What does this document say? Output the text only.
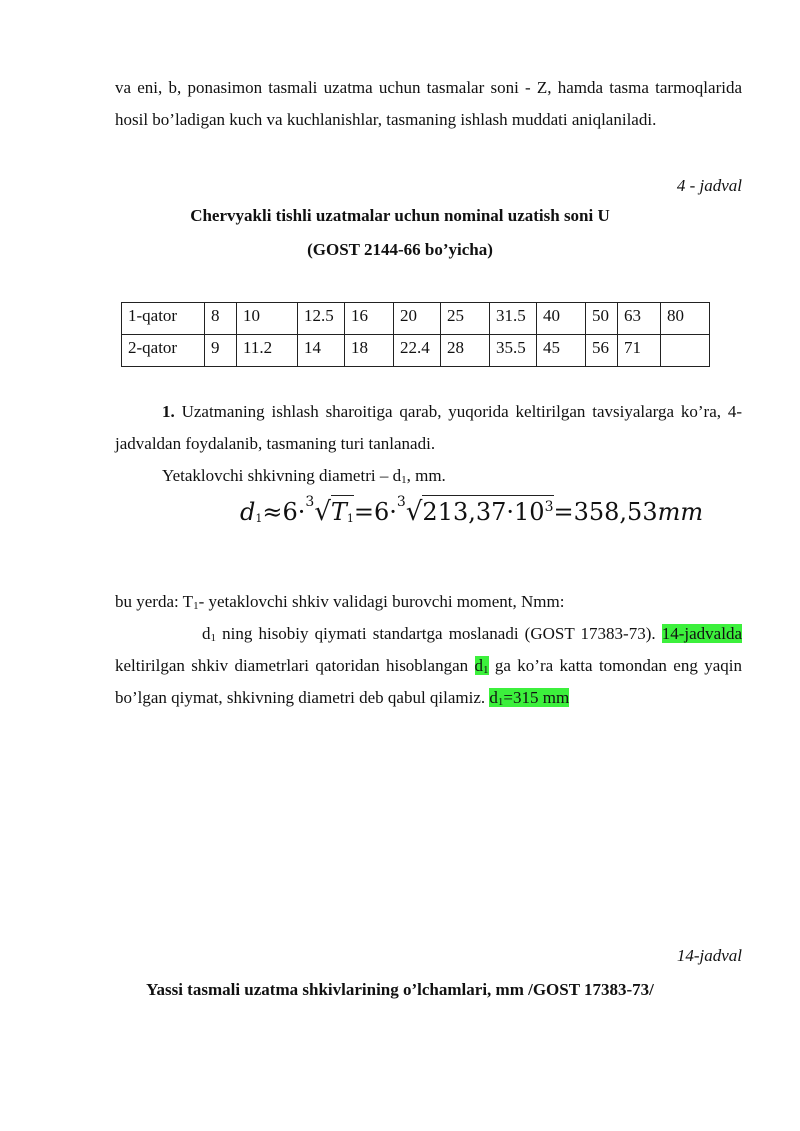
va eni, b, ponasimon tasmali uzatma uchun tasmalar soni - Z, hamda tasma tarmoqlarida hosil bo’ladigan kuch va kuchlanishlar, tasmaning ishlash muddati aniqlaniladi.

4 - jadval

Chervyakli tishli uzatmalar uchun nominal uzatish soni U

(GOST 2144-66 bo’yicha)

1-qator	8	10	12.5	16	20	25	31.5	40	50	63	80
2-qator	9	11.2	14	18	22.4	28	35.5	45	56	71	

1. Uzatmaning ishlash sharoitiga qarab, yuqorida keltirilgan tavsiyalarga ko’ra, 4-jadvaldan foydalanib, tasmaning turi tanlanadi.

Yetaklovchi shkivning diametri – $d_1$, mm.

$d_1\approx 6\cdot^3√T_1=6\cdot^3√213,37\cdot 10^3=358,53mm$

bu yerda: $T_1-$ yetaklovchi shkiv validagi burovchi moment, Nmm:

$d_1$ ning hisobiy qiymati standartga moslanadi (GOST 17383-73). 14-jadvalda keltirilgan shkiv diametrlari qatoridan hisoblangan $d_1$ ga ko’ra katta tomondan eng yaqin bo’lgan qiymat, shkivning diametri deb qabul qilamiz. $d_1=315$ mm

14-jadval

Yassi tasmali uzatma shkivlarining o’lchamlari, mm /GOST 17383-73/
